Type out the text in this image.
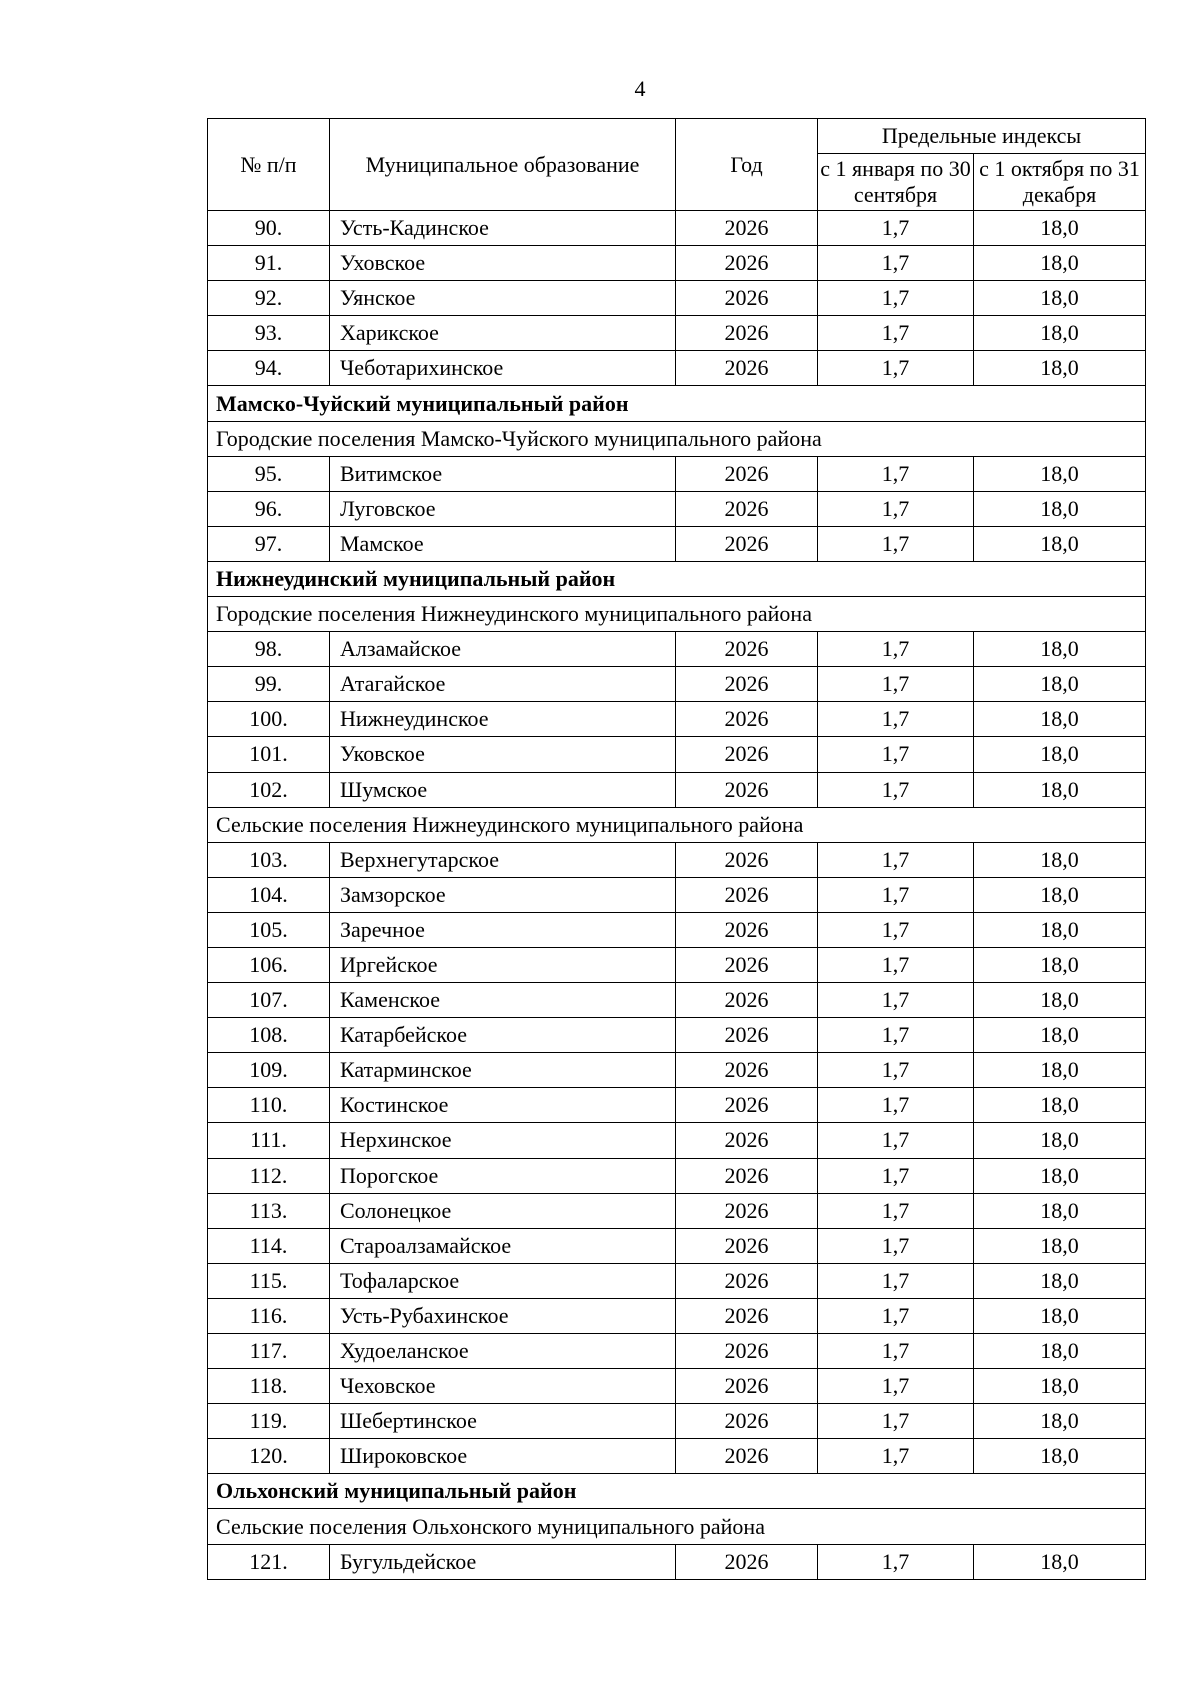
4
№ п/п	Муниципальное образование	Год	Предельные индексы	
			с 1 января по 30 сентября	с 1 октября по 31 декабря
90.	Усть-Кадинское	2026	1,7	18,0
91.	Уховское	2026	1,7	18,0
92.	Уянское	2026	1,7	18,0
93.	Харикское	2026	1,7	18,0
94.	Чеботарихинское	2026	1,7	18,0
Мамско-Чуйский муниципальный район				
Городские поселения Мамско-Чуйского муниципального района				
95.	Витимское	2026	1,7	18,0
96.	Луговское	2026	1,7	18,0
97.	Мамское	2026	1,7	18,0
Нижнеудинский муниципальный район				
Городские поселения Нижнеудинского муниципального района				
98.	Алзамайское	2026	1,7	18,0
99.	Атагайское	2026	1,7	18,0
100.	Нижнеудинское	2026	1,7	18,0
101.	Уковское	2026	1,7	18,0
102.	Шумское	2026	1,7	18,0
Сельские поселения Нижнеудинского муниципального района				
103.	Верхнегутарское	2026	1,7	18,0
104.	Замзорское	2026	1,7	18,0
105.	Заречное	2026	1,7	18,0
106.	Иргейское	2026	1,7	18,0
107.	Каменское	2026	1,7	18,0
108.	Катарбейское	2026	1,7	18,0
109.	Катарминское	2026	1,7	18,0
110.	Костинское	2026	1,7	18,0
111.	Нерхинское	2026	1,7	18,0
112.	Порогское	2026	1,7	18,0
113.	Солонецкое	2026	1,7	18,0
114.	Староалзамайское	2026	1,7	18,0
115.	Тофаларское	2026	1,7	18,0
116.	Усть-Рубахинское	2026	1,7	18,0
117.	Худоеланское	2026	1,7	18,0
118.	Чеховское	2026	1,7	18,0
119.	Шебертинское	2026	1,7	18,0
120.	Широковское	2026	1,7	18,0
Ольхонский муниципальный район				
Сельские поселения Ольхонского муниципального района				
121.	Бугульдейское	2026	1,7	18,0
